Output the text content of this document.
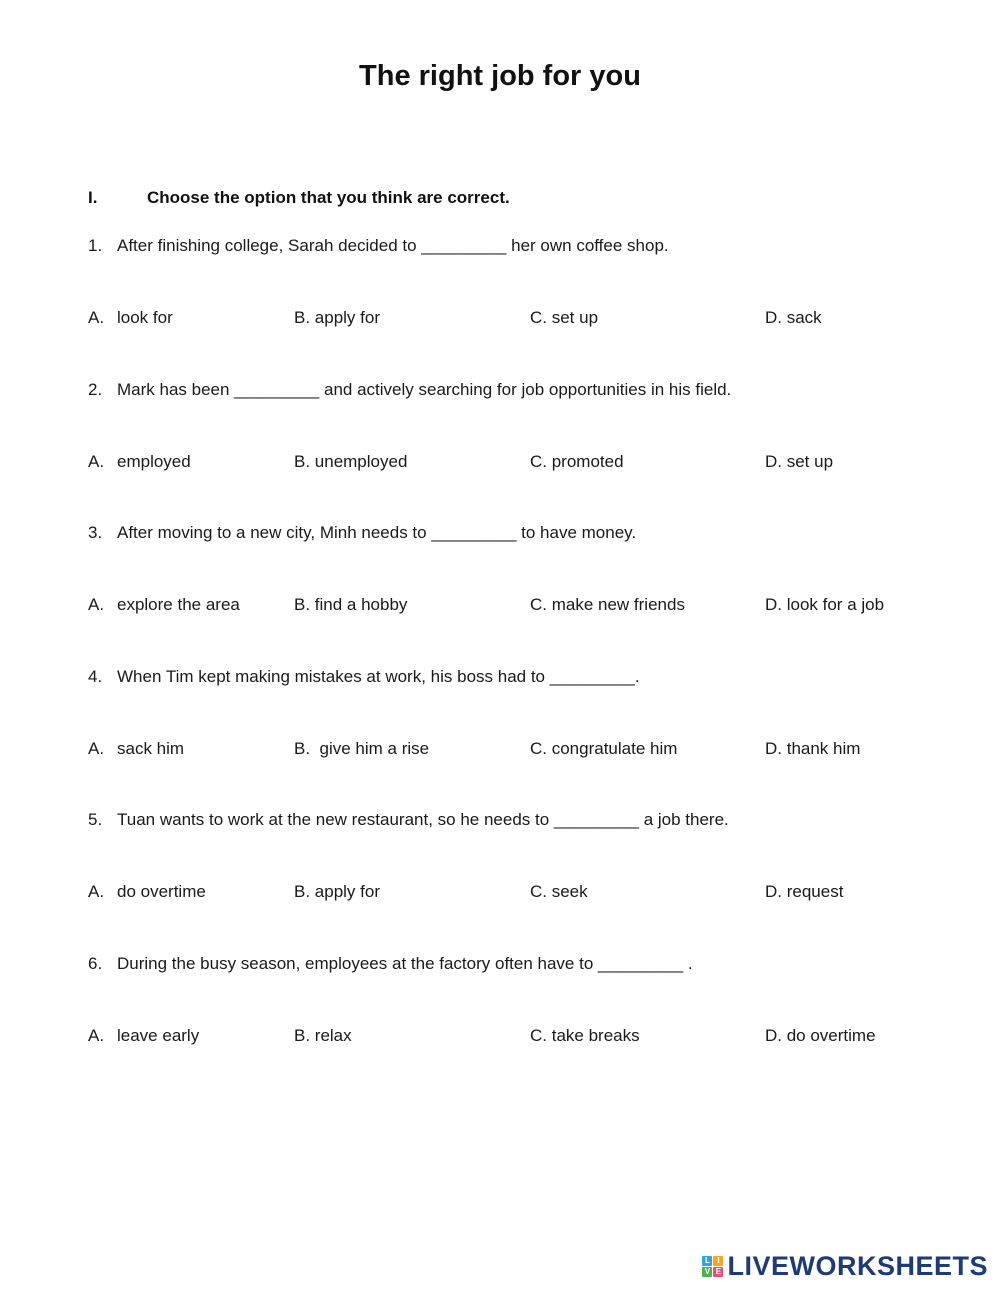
The right job for you
I.	Choose the option that you think are correct.
1. After finishing college, Sarah decided to _________ her own coffee shop.
A. look for	B. apply for	C. set up	D. sack
2. Mark has been _________ and actively searching for job opportunities in his field.
A. employed	B. unemployed	C. promoted	D. set up
3. After moving to a new city, Minh needs to _________ to have money.
A. explore the area	B. find a hobby	C. make new friends	D. look for a job
4. When Tim kept making mistakes at work, his boss had to _________.
A. sack him	B.  give him a rise	C. congratulate him	D. thank him
5. Tuan wants to work at the new restaurant, so he needs to _________ a job there.
A. do overtime	B. apply for	C. seek	D. request
6. During the busy season, employees at the factory often have to _________ .
A. leave early	B. relax	C. take breaks	D. do overtime
L I
V E LIVEWORKSHEETS
